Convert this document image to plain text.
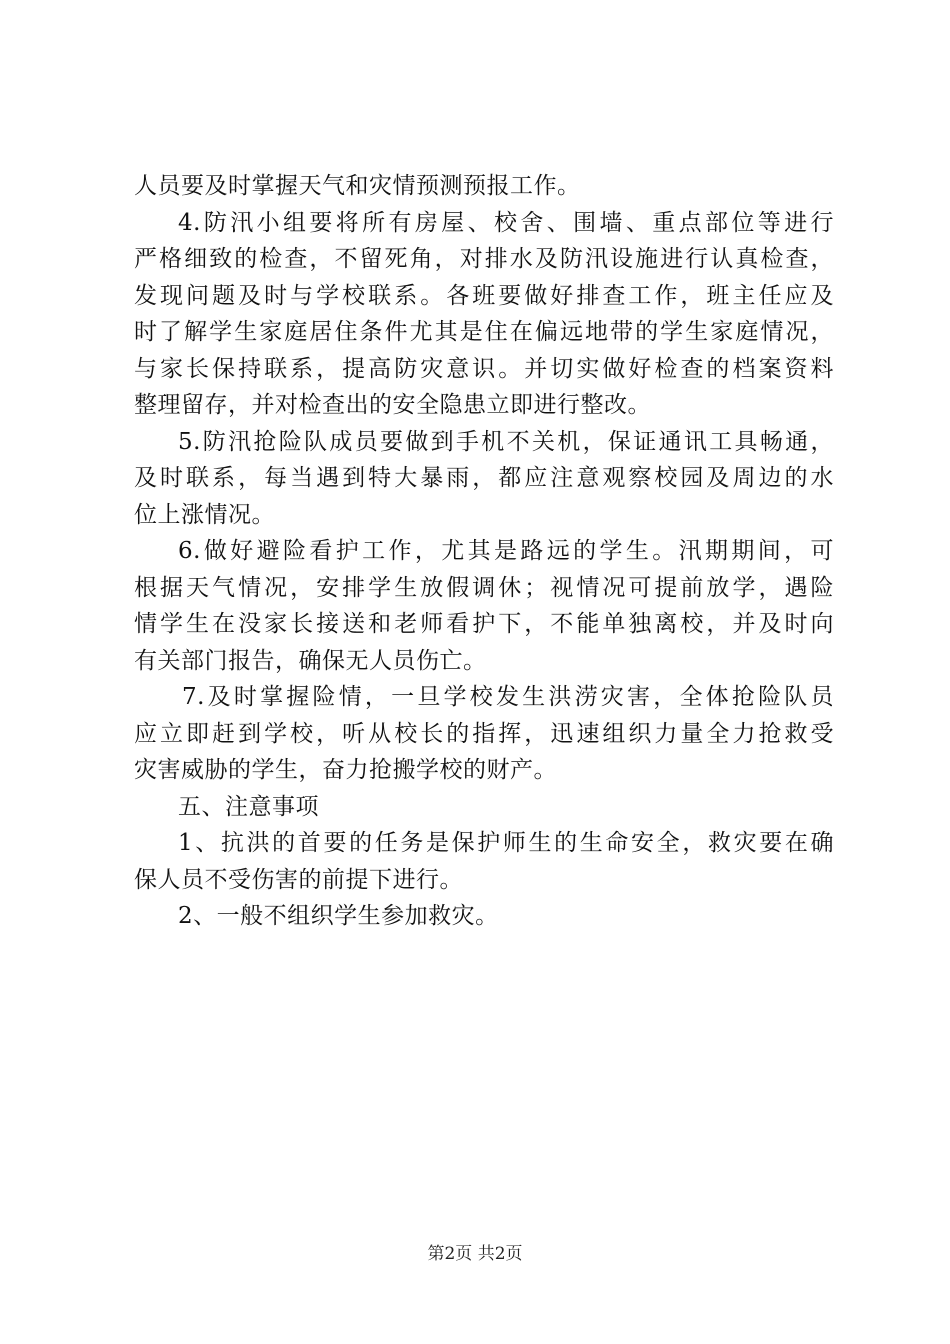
人员要及时掌握天气和灾情预测预报工作。
4.防汛小组要将所有房屋、校舍、围墙、重点部位等进行
严格细致的检查，不留死角，对排水及防汛设施进行认真检查，
发现问题及时与学校联系。各班要做好排查工作，班主任应及
时了解学生家庭居住条件尤其是住在偏远地带的学生家庭情况，
与家长保持联系，提高防灾意识。并切实做好检查的档案资料
整理留存，并对检查出的安全隐患立即进行整改。
5.防汛抢险队成员要做到手机不关机，保证通讯工具畅通，
及时联系，每当遇到特大暴雨，都应注意观察校园及周边的水
位上涨情况。
6.做好避险看护工作，尤其是路远的学生。汛期期间，可
根据天气情况，安排学生放假调休；视情况可提前放学，遇险
情学生在没家长接送和老师看护下，不能单独离校，并及时向
有关部门报告，确保无人员伤亡。
7.及时掌握险情，一旦学校发生洪涝灾害，全体抢险队员
应立即赶到学校，听从校长的指挥，迅速组织力量全力抢救受
灾害威胁的学生，奋力抢搬学校的财产。
五、注意事项
1、抗洪的首要的任务是保护师生的生命安全，救灾要在确
保人员不受伤害的前提下进行。
2、一般不组织学生参加救灾。
第2页 共2页
